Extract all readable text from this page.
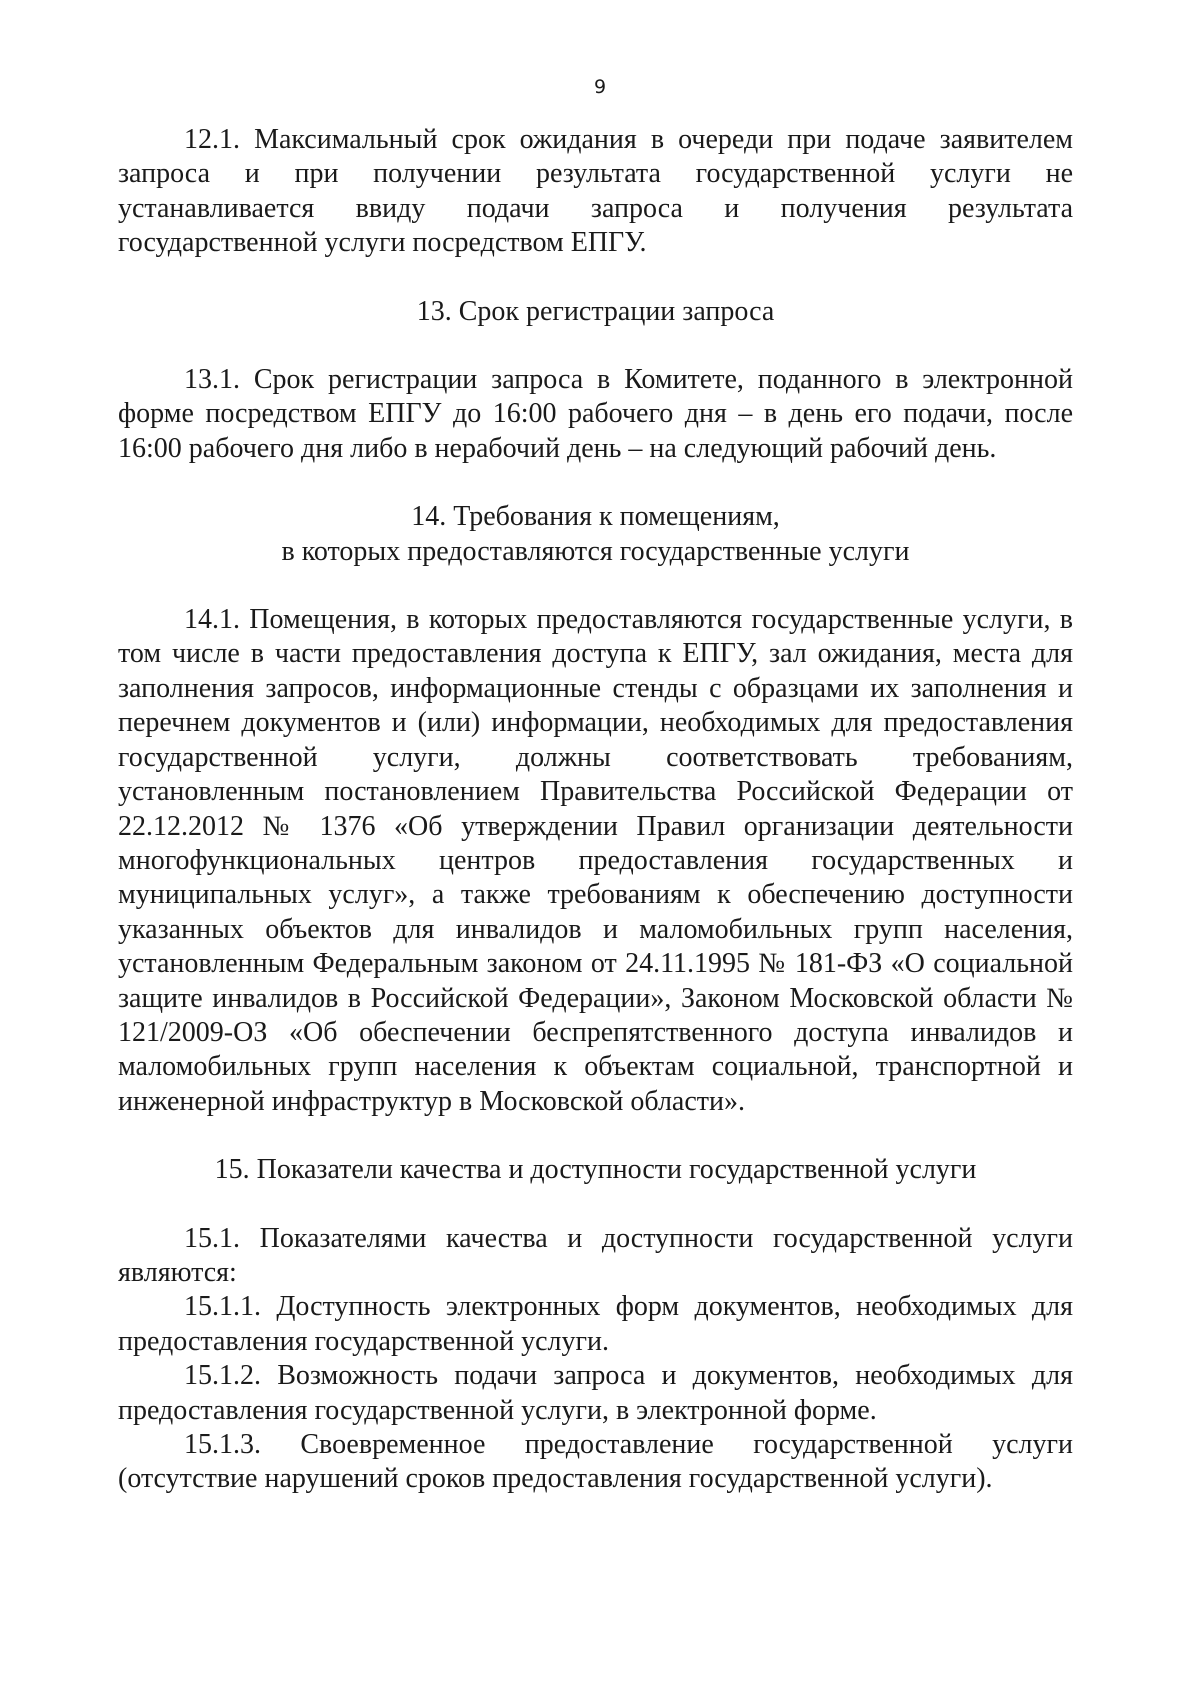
9

12.1. Максимальный срок ожидания в очереди при подаче заявителем запроса и при получении результата государственной услуги не устанавливается ввиду подачи запроса и получения результата государственной услуги посредством ЕПГУ.

13. Срок регистрации запроса

13.1. Срок регистрации запроса в Комитете, поданного в электронной форме посредством ЕПГУ до 16:00 рабочего дня – в день его подачи, после 16:00 рабочего дня либо в нерабочий день – на следующий рабочий день.

14. Требования к помещениям,
в которых предоставляются государственные услуги

14.1. Помещения, в которых предоставляются государственные услуги, в том числе в части предоставления доступа к ЕПГУ, зал ожидания, места для заполнения запросов, информационные стенды с образцами их заполнения и перечнем документов и (или) информации, необходимых для предоставления государственной услуги, должны соответствовать требованиям, установленным постановлением Правительства Российской Федерации от 22.12.2012 № 1376 «Об утверждении Правил организации деятельности многофункциональных центров предоставления государственных и муниципальных услуг», а также требованиям к обеспечению доступности указанных объектов для инвалидов и маломобильных групп населения, установленным Федеральным законом от 24.11.1995 № 181-ФЗ «О социальной защите инвалидов в Российской Федерации», Законом Московской области № 121/2009-ОЗ «Об обеспечении беспрепятственного доступа инвалидов и маломобильных групп населения к объектам социальной, транспортной и инженерной инфраструктур в Московской области».

15. Показатели качества и доступности государственной услуги

15.1. Показателями качества и доступности государственной услуги являются:

15.1.1. Доступность электронных форм документов, необходимых для предоставления государственной услуги.

15.1.2. Возможность подачи запроса и документов, необходимых для предоставления государственной услуги, в электронной форме.

15.1.3. Своевременное предоставление государственной услуги (отсутствие нарушений сроков предоставления государственной услуги).
